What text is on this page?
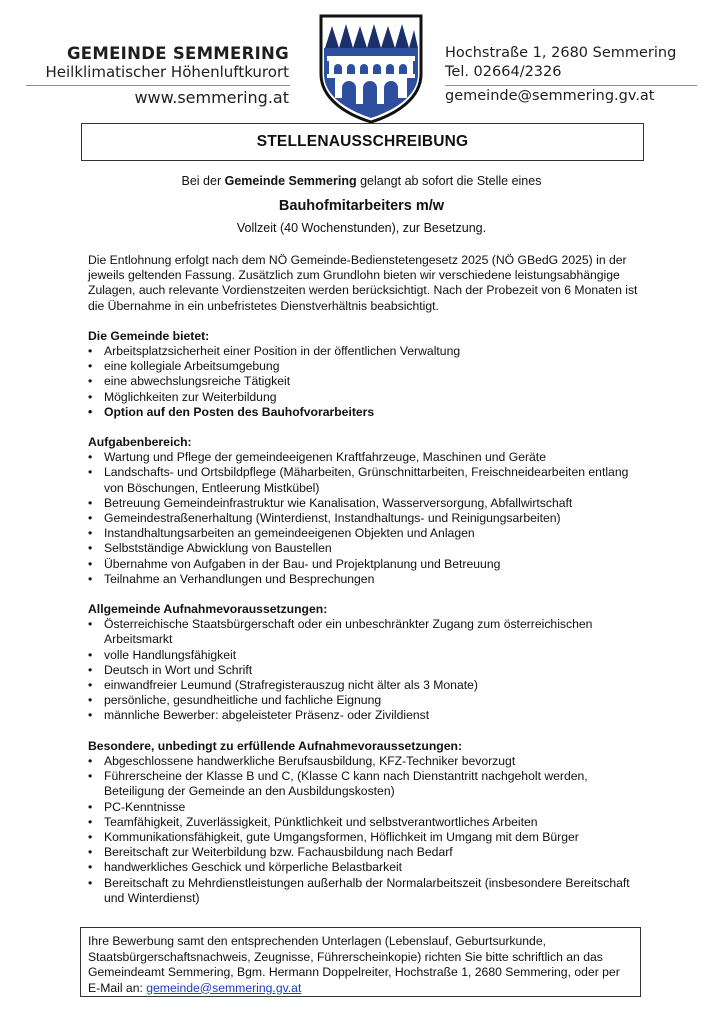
GEMEINDE SEMMERING
Heilklimatischer Höhenluftkurort
www.semmering.at
Hochstraße 1, 2680 Semmering
Tel. 02664/2326
gemeinde@semmering.gv.at
STELLENAUSSCHREIBUNG
Bei der Gemeinde Semmering gelangt ab sofort die Stelle eines
Bauhofmitarbeiters m/w
Vollzeit (40 Wochenstunden), zur Besetzung.

Die Entlohnung erfolgt nach dem NÖ Gemeinde-Bedienstetengesetz 2025 (NÖ GBedG 2025) in der jeweils geltenden Fassung. Zusätzlich zum Grundlohn bieten wir verschiedene leistungsabhängige Zulagen, auch relevante Vordienstzeiten werden berücksichtigt. Nach der Probezeit von 6 Monaten ist die Übernahme in ein unbefristetes Dienstverhältnis beabsichtigt.

Die Gemeinde bietet:

• Arbeitsplatzsicherheit einer Position in der öffentlichen Verwaltung
• eine kollegiale Arbeitsumgebung
• eine abwechslungsreiche Tätigkeit
• Möglichkeiten zur Weiterbildung
• Option auf den Posten des Bauhofvorarbeiters

Aufgabenbereich:

• Wartung und Pflege der gemeindeeigenen Kraftfahrzeuge, Maschinen und Geräte
• Landschafts- und Ortsbildpflege (Mäharbeiten, Grünschnittarbeiten, Freischneidearbeiten entlang von Böschungen, Entleerung Mistkübel)
• Betreuung Gemeindeinfrastruktur wie Kanalisation, Wasserversorgung, Abfallwirtschaft
• Gemeindestraßenerhaltung (Winterdienst, Instandhaltungs- und Reinigungsarbeiten)
• Instandhaltungsarbeiten an gemeindeeigenen Objekten und Anlagen
• Selbstständige Abwicklung von Baustellen
• Übernahme von Aufgaben in der Bau- und Projektplanung und Betreuung
• Teilnahme an Verhandlungen und Besprechungen

Allgemeinde Aufnahmevoraussetzungen:

• Österreichische Staatsbürgerschaft oder ein unbeschränkter Zugang zum österreichischen Arbeitsmarkt
• volle Handlungsfähigkeit
• Deutsch in Wort und Schrift
• einwandfreier Leumund (Strafregisterauszug nicht älter als 3 Monate)
• persönliche, gesundheitliche und fachliche Eignung
• männliche Bewerber: abgeleisteter Präsenz- oder Zivildienst

Besondere, unbedingt zu erfüllende Aufnahmevoraussetzungen:

• Abgeschlossene handwerkliche Berufsausbildung, KFZ-Techniker bevorzugt
• Führerscheine der Klasse B und C, (Klasse C kann nach Dienstantritt nachgeholt werden, Beteiligung der Gemeinde an den Ausbildungskosten)
• PC-Kenntnisse
• Teamfähigkeit, Zuverlässigkeit, Pünktlichkeit und selbstverantwortliches Arbeiten
• Kommunikationsfähigkeit, gute Umgangsformen, Höflichkeit im Umgang mit dem Bürger
• Bereitschaft zur Weiterbildung bzw. Fachausbildung nach Bedarf
• handwerkliches Geschick und körperliche Belastbarkeit
• Bereitschaft zu Mehrdienstleistungen außerhalb der Normalarbeitszeit (insbesondere Bereitschaft und Winterdienst)
Ihre Bewerbung samt den entsprechenden Unterlagen (Lebenslauf, Geburtsurkunde, Staatsbürgerschaftsnachweis, Zeugnisse, Führerscheinkopie) richten Sie bitte schriftlich an das Gemeindeamt Semmering, Bgm. Hermann Doppelreiter, Hochstraße 1, 2680 Semmering, oder per E-Mail an: gemeinde@semmering.gv.at
